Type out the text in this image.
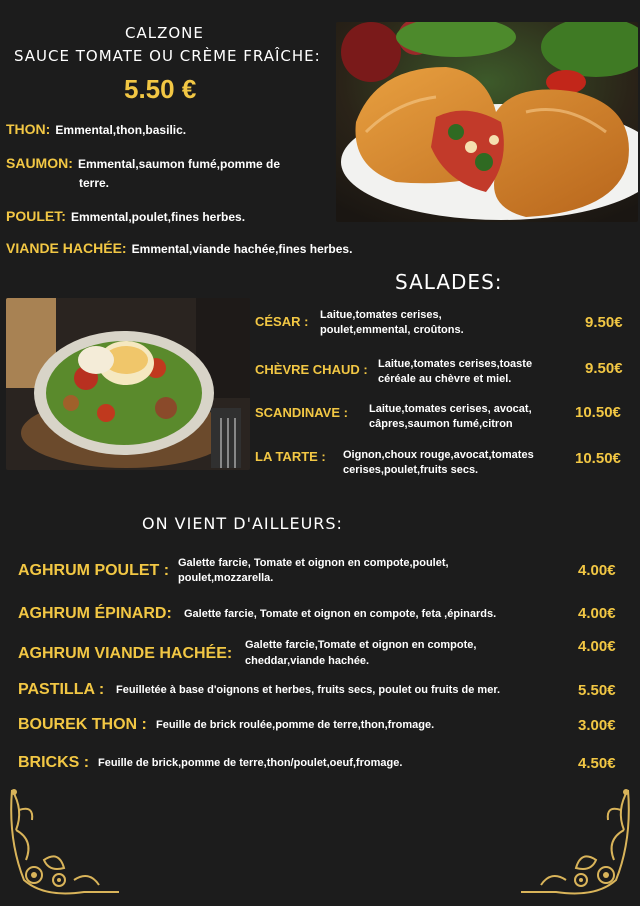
CALZONE
SAUCE TOMATE OU CRÈME FRAÎCHE:
5.50 €
THON: Emmental,thon,basilic.
SAUMON: Emmental,saumon fumé,pomme de
terre.
POULET: Emmental,poulet,fines herbes.
VIANDE HACHÉE: Emmental,viande hachée,fines herbes.
SALADES:
CÉSAR : Laitue,tomates cerises,
poulet,emmental, croûtons.	9.50€
CHÈVRE CHAUD : Laitue,tomates cerises,toaste
céréale au chèvre et miel.
9.50€
SCANDINAVE : Laitue,tomates cerises, avocat,
câpres,saumon fumé,citron
10.50€
LA TARTE : Oignon,choux rouge,avocat,tomates
cerises,poulet,fruits secs.
10.50€
ON VIENT D'AILLEURS:
AGHRUM POULET : Galette farcie, Tomate et oignon en compote,poulet,
poulet,mozzarella.	4.00€
AGHRUM ÉPINARD: Galette farcie, Tomate et oignon en compote, feta ,épinards.	4.00€
AGHRUM VIANDE HACHÉE: Galette farcie,Tomate et oignon en compote,
cheddar,viande hachée.
4.00€
PASTILLA : Feuilletée à base d'oignons et herbes, fruits secs, poulet ou fruits de mer.	5.50€
BOUREK THON : Feuille de brick roulée,pomme de terre,thon,fromage.	3.00€
BRICKS : Feuille de brick,pomme de terre,thon/poulet,oeuf,fromage.	4.50€
